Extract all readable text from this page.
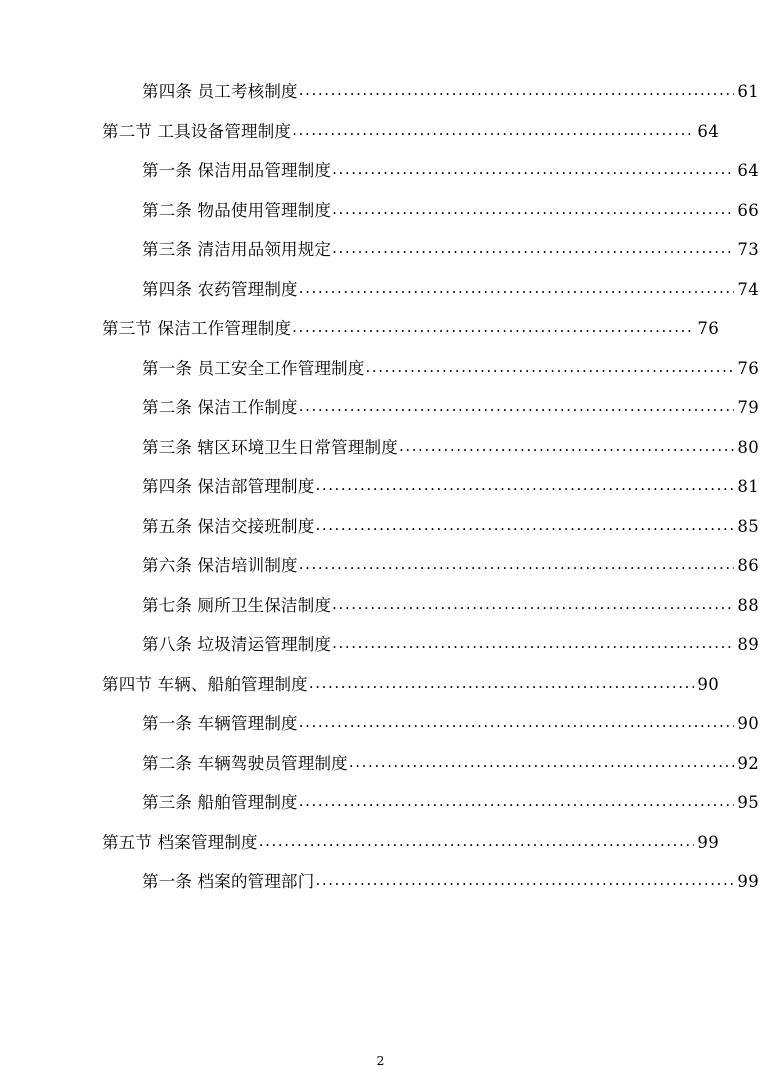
第四条 员工考核制度 .....	61
第二节 工具设备管理制度 .....	64
第一条 保洁用品管理制度 .....	64
第二条 物品使用管理制度 .....	66
第三条 清洁用品领用规定 .....	73
第四条 农药管理制度 .....	74
第三节 保洁工作管理制度 .....	76
第一条 员工安全工作管理制度 .....	76
第二条 保洁工作制度 .....	79
第三条 辖区环境卫生日常管理制度 .....	80
第四条 保洁部管理制度 .....	81
第五条 保洁交接班制度 .....	85
第六条 保洁培训制度 .....	86
第七条 厕所卫生保洁制度 .....	88
第八条 垃圾清运管理制度 .....	89
第四节 车辆、船舶管理制度 .....	90
第一条 车辆管理制度 .....	90
第二条 车辆驾驶员管理制度 .....	92
第三条 船舶管理制度 .....	95
第五节 档案管理制度 .....	99
第一条 档案的管理部门 .....	99
2
